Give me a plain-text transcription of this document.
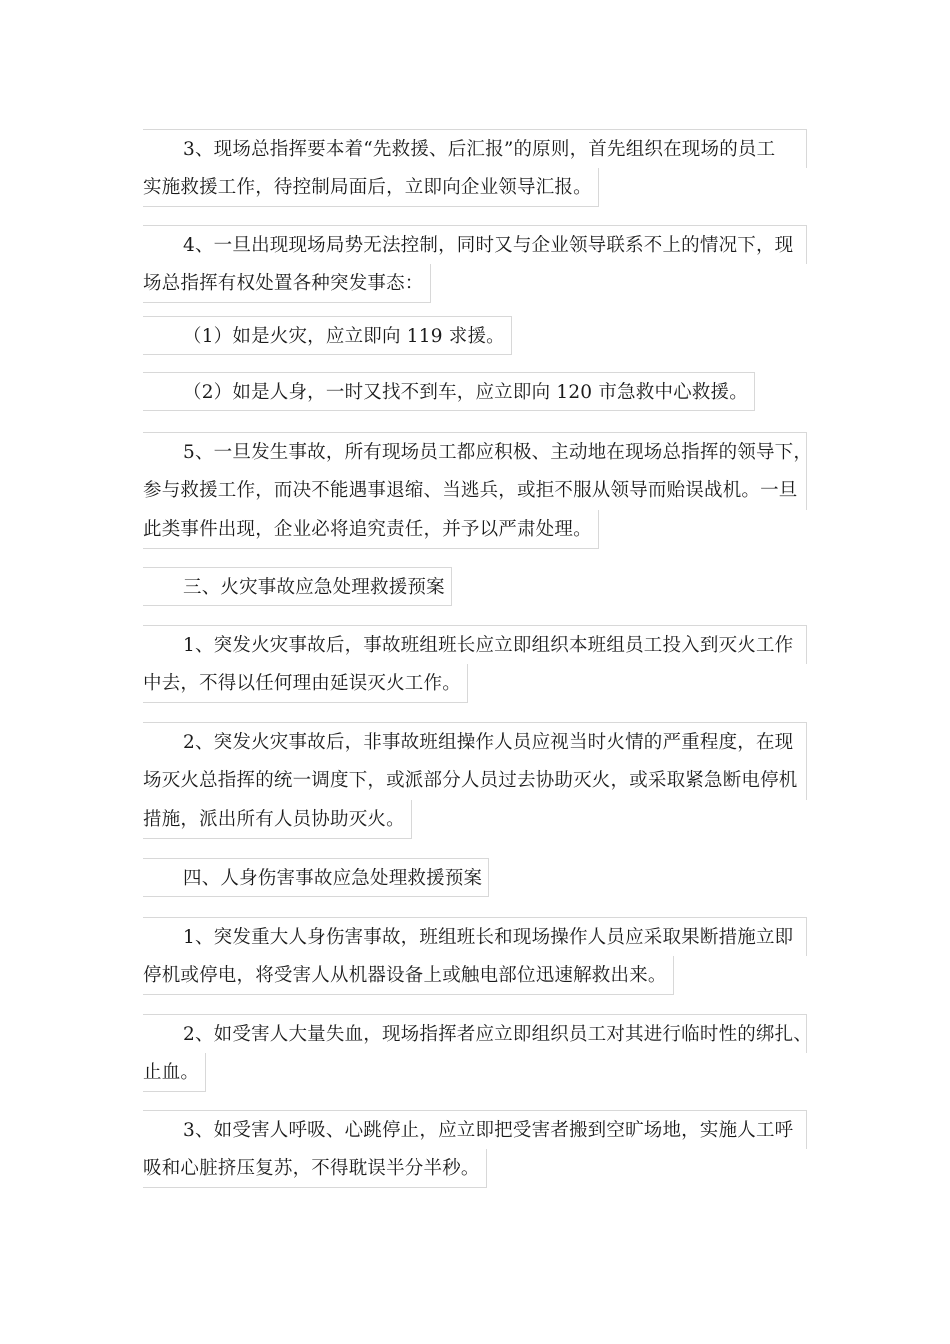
3、现场总指挥要本着“先救援、后汇报”的原则，首先组织在现场的员工
实施救援工作，待控制局面后，立即向企业领导汇报。
4、一旦出现现场局势无法控制，同时又与企业领导联系不上的情况下，现
场总指挥有权处置各种突发事态：
（1）如是火灾，应立即向 119 求援。
（2）如是人身，一时又找不到车，应立即向 120 市急救中心救援。
5、一旦发生事故，所有现场员工都应积极、主动地在现场总指挥的领导下，
参与救援工作，而决不能遇事退缩、当逃兵，或拒不服从领导而贻误战机。一旦
此类事件出现，企业必将追究责任，并予以严肃处理。
三、火灾事故应急处理救援预案
1、突发火灾事故后，事故班组班长应立即组织本班组员工投入到灭火工作
中去，不得以任何理由延误灭火工作。
2、突发火灾事故后，非事故班组操作人员应视当时火情的严重程度，在现
场灭火总指挥的统一调度下，或派部分人员过去协助灭火，或采取紧急断电停机
措施，派出所有人员协助灭火。
四、人身伤害事故应急处理救援预案
1、突发重大人身伤害事故，班组班长和现场操作人员应采取果断措施立即
停机或停电，将受害人从机器设备上或触电部位迅速解救出来。
2、如受害人大量失血，现场指挥者应立即组织员工对其进行临时性的绑扎、
止血。
3、如受害人呼吸、心跳停止，应立即把受害者搬到空旷场地，实施人工呼
吸和心脏挤压复苏，不得耽误半分半秒。
